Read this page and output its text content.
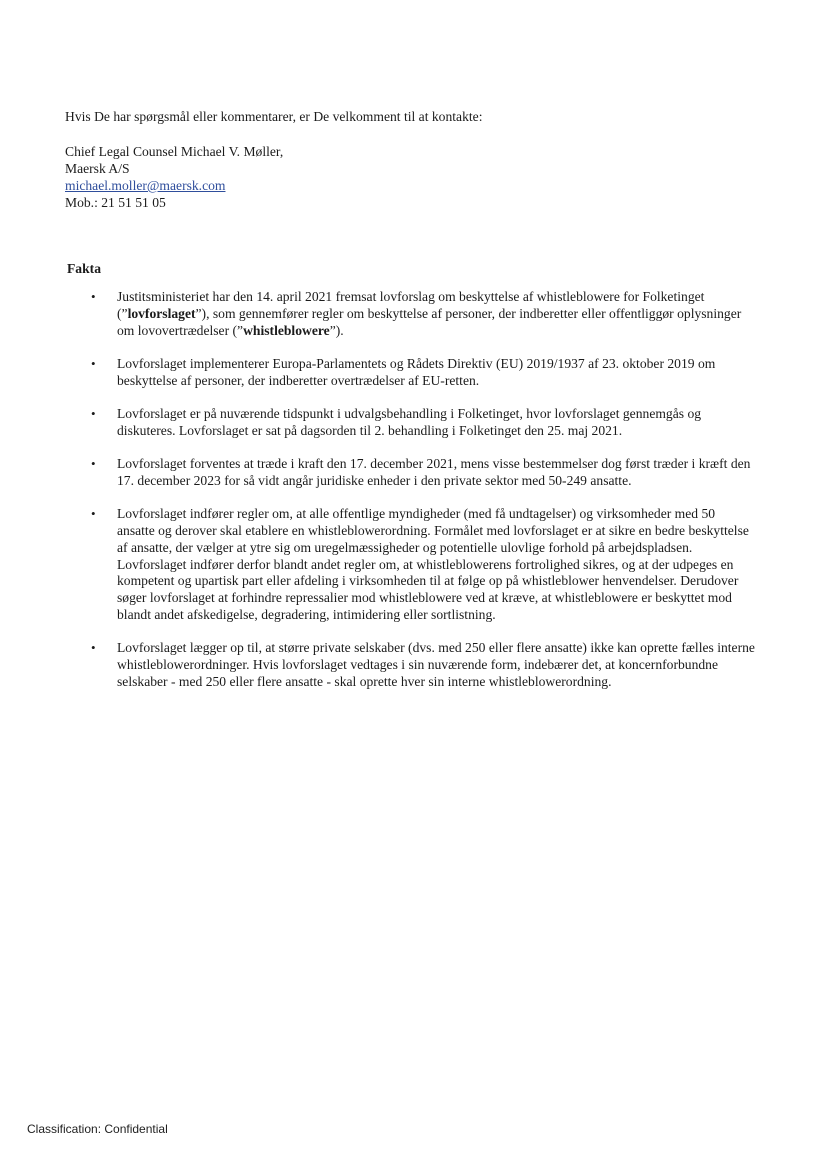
Hvis De har spørgsmål eller kommentarer, er De velkomment til at kontakte:
Chief Legal Counsel Michael V. Møller,
Maersk A/S
michael.moller@maersk.com
Mob.: 21 51 51 05
Fakta
• Justitsministeriet har den 14. april 2021 fremsat lovforslag om beskyttelse af whistleblowere for Folketinget (”lovforslaget”), som gennemfører regler om beskyttelse af personer, der indberetter eller offentliggør oplysninger om lovovertrædelser (”whistleblowere”).
• Lovforslaget implementerer Europa-Parlamentets og Rådets Direktiv (EU) 2019/1937 af 23. oktober 2019 om beskyttelse af personer, der indberetter overtrædelser af EU-retten.
• Lovforslaget er på nuværende tidspunkt i udvalgsbehandling i Folketinget, hvor lovforslaget gennemgås og diskuteres. Lovforslaget er sat på dagsorden til 2. behandling i Folketinget den 25. maj 2021.
• Lovforslaget forventes at træde i kraft den 17. december 2021, mens visse bestemmelser dog først træder i kræft den 17. december 2023 for så vidt angår juridiske enheder i den private sektor med 50-249 ansatte.
• Lovforslaget indfører regler om, at alle offentlige myndigheder (med få undtagelser) og virksomheder med 50 ansatte og derover skal etablere en whistleblowerordning. Formålet med lovforslaget er at sikre en bedre beskyttelse af ansatte, der vælger at ytre sig om uregelmæssigheder og potentielle ulovlige forhold på arbejdspladsen. Lovforslaget indfører derfor blandt andet regler om, at whistleblowerens fortrolighed sikres, og at der udpeges en kompetent og upartisk part eller afdeling i virksomheden til at følge op på whistleblower henvendelser. Derudover søger lovforslaget at forhindre repressalier mod whistleblowere ved at kræve, at whistleblowere er beskyttet mod blandt andet afskedigelse, degradering, intimidering eller sortlistning.
• Lovforslaget lægger op til, at større private selskaber (dvs. med 250 eller flere ansatte) ikke kan oprette fælles interne whistleblowerordninger. Hvis lovforslaget vedtages i sin nuværende form, indebærer det, at koncernforbundne selskaber - med 250 eller flere ansatte - skal oprette hver sin interne whistleblowerordning.
Classification: Confidential
